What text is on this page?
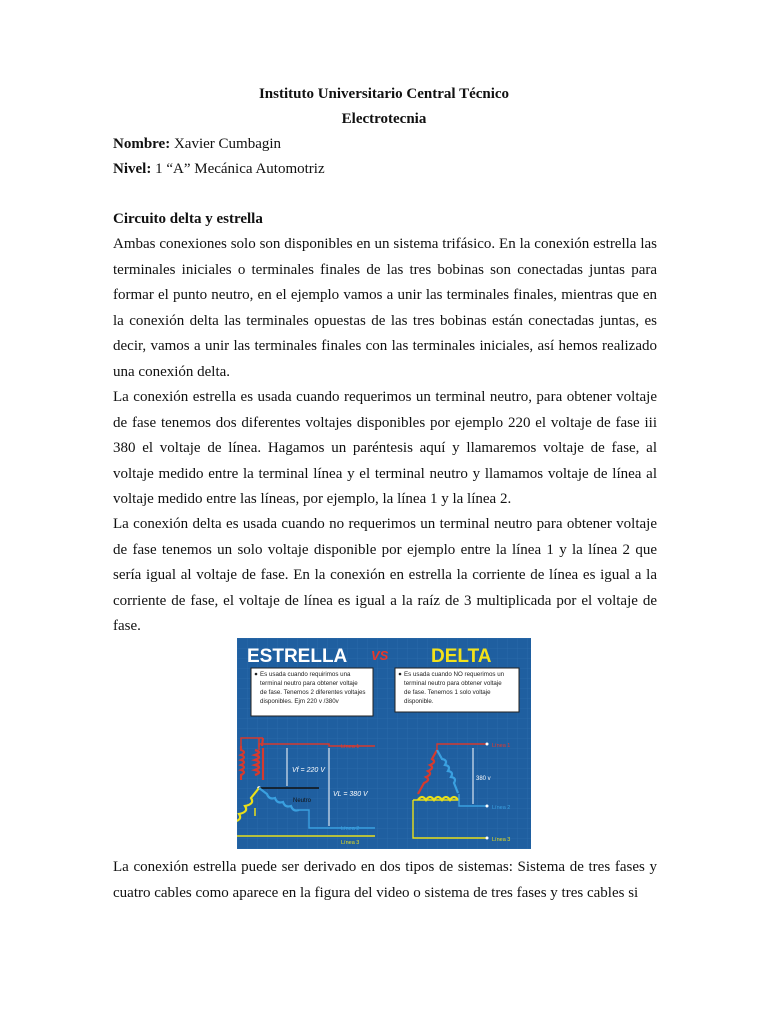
Instituto Universitario Central Técnico
Electrotecnia
Nombre: Xavier Cumbagin
Nivel: 1 “A” Mecánica Automotriz
Circuito delta y estrella

Ambas conexiones solo son disponibles en un sistema trifásico. En la conexión estrella las terminales iniciales o terminales finales de las tres bobinas son conectadas juntas para formar el punto neutro, en el ejemplo vamos a unir las terminales finales, mientras que en la conexión delta las terminales opuestas de las tres bobinas están conectadas juntas, es decir, vamos a unir las terminales finales con las terminales iniciales, así hemos realizado una conexión delta.

La conexión estrella es usada cuando requerimos un terminal neutro, para obtener voltaje de fase tenemos dos diferentes voltajes disponibles por ejemplo 220 el voltaje de fase iii 380 el voltaje de línea. Hagamos un paréntesis aquí y llamaremos voltaje de fase, al voltaje medido entre la terminal línea y el terminal neutro y llamamos voltaje de línea al voltaje medido entre las líneas, por ejemplo, la línea 1 y la línea 2.

La conexión delta es usada cuando no requerimos un terminal neutro para obtener voltaje de fase tenemos un solo voltaje disponible por ejemplo entre la línea 1 y la línea 2 que sería igual al voltaje de fase. En la conexión en estrella la corriente de línea es igual a la corriente de fase, el voltaje de línea es igual a la raíz de 3 multiplicada por el voltaje de fase.

ESTRELLA VS DELTA
Es usada cuando requirimos una terminal neutro para obtener voltaje de fase. Tenemos 2 diferentes voltajes disponibles. Ejm 220 v /380v
Es usada cuando NO requerimos un terminal neutro para obtener voltaje de fase. Tenemos 1 solo voltaje disponible.
Neutro
Vf = 220 V
VL = 380 V
Línea 1
Línea 2
Línea 3
380 v
Línea 1
Línea 2
Línea 3

La conexión estrella puede ser derivado en dos tipos de sistemas: Sistema de tres fases y cuatro cables como aparece en la figura del video o sistema de tres fases y tres cables si
